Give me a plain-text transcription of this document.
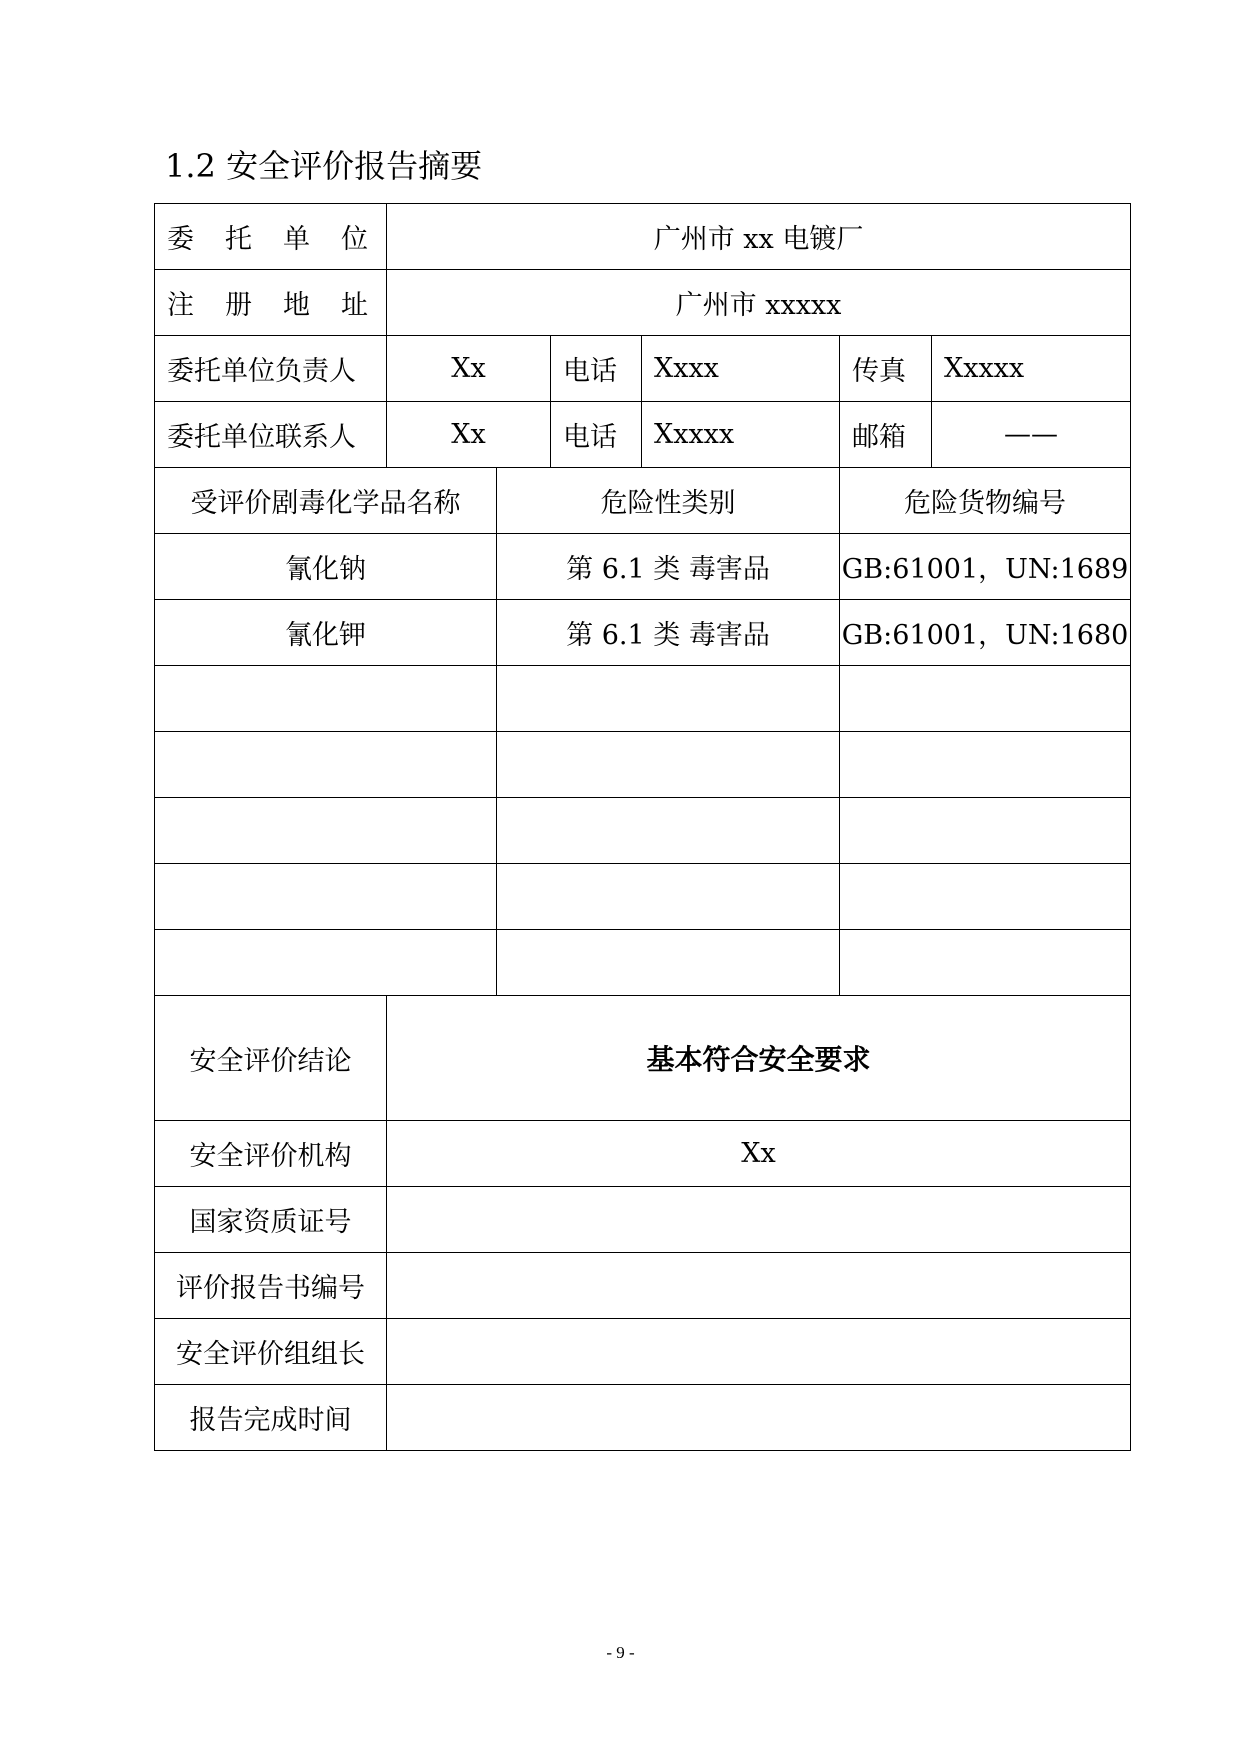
1.2 安全评价报告摘要
委 托 单 位	广州市 xx 电镀厂					
注 册 地 址	广州市 xxxxx					
委托单位负责人	Xx		电话	Xxxx	传真	Xxxxx
委托单位联系人	Xx		电话	Xxxxx	邮箱	——
受评价剧毒化学品名称		危险性类别			危险货物编号	
氰化钠		第 6.1 类 毒害品			GB:61001，UN:1689	
氰化钾		第 6.1 类 毒害品			GB:61001，UN:1680	

安全评价结论	基本符合安全要求					
安全评价机构	Xx					
国家资质证号						
评价报告书编号						
安全评价组组长						
报告完成时间						
- 9 -
